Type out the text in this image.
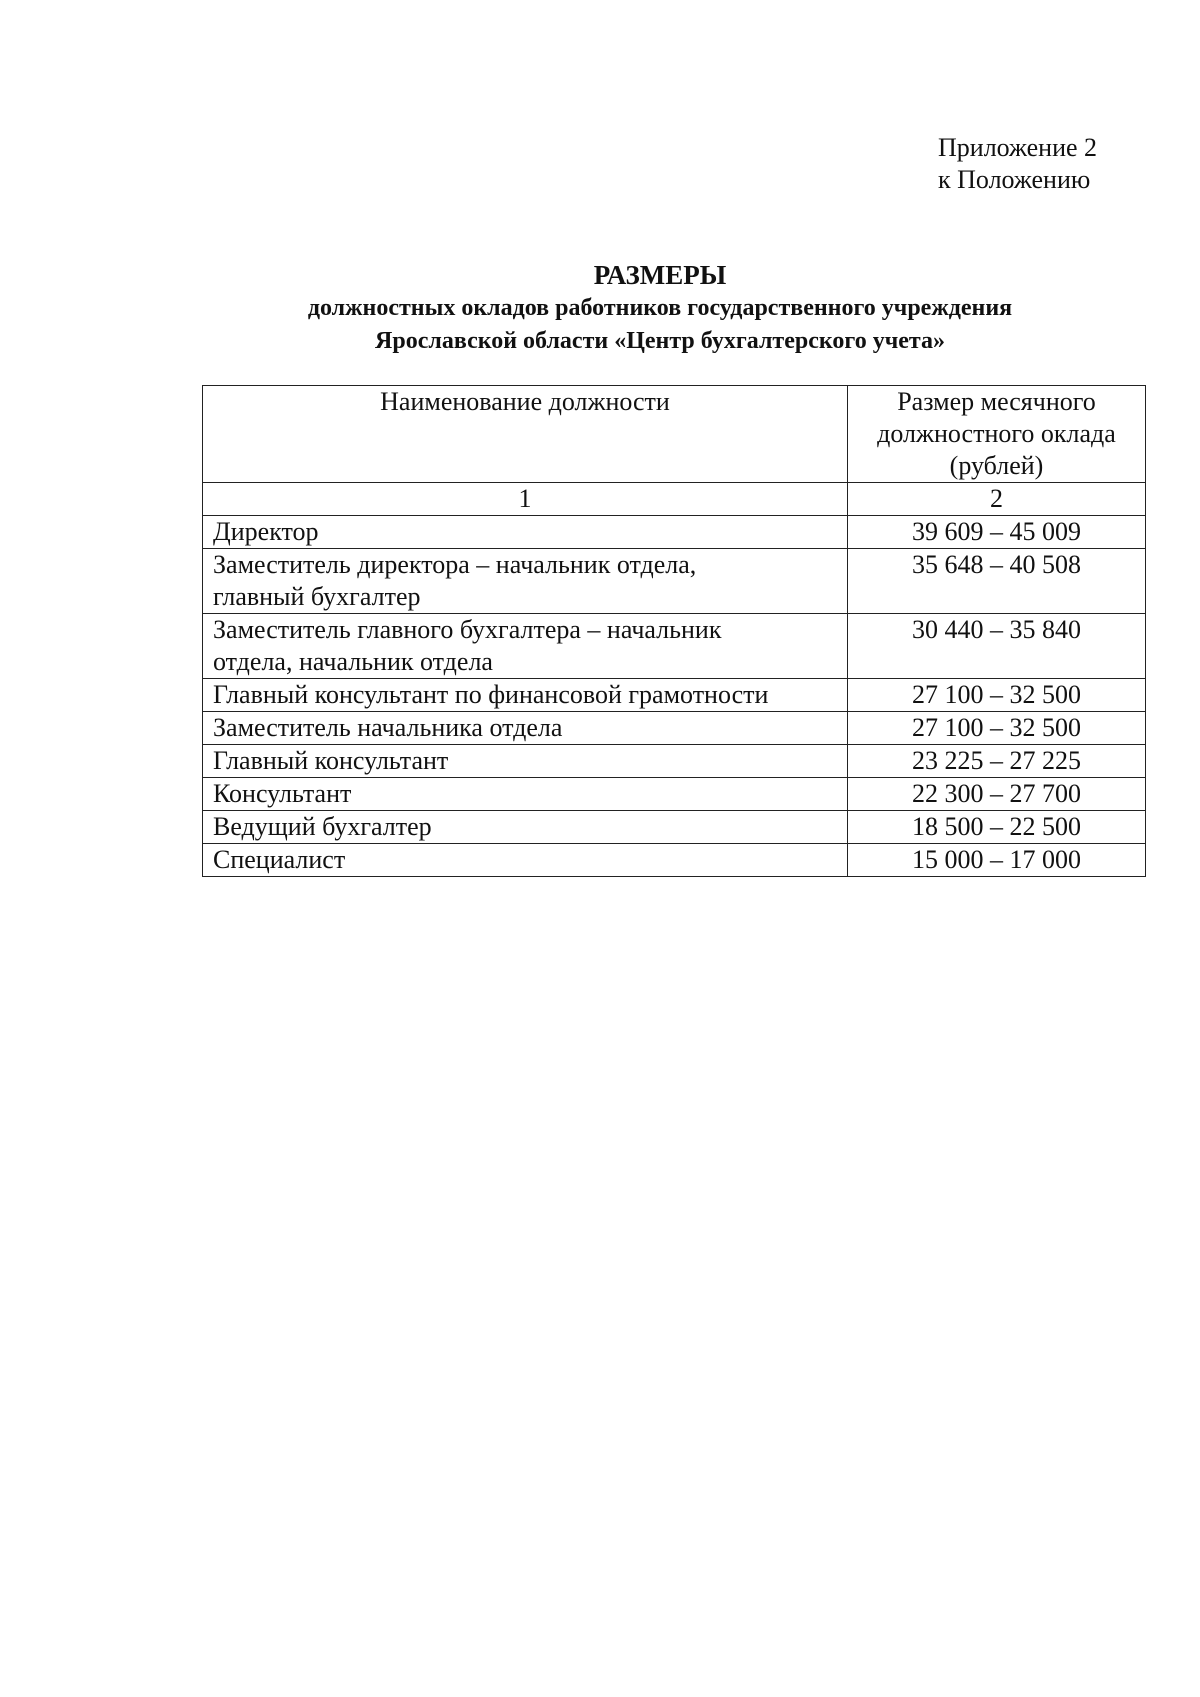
Приложение 2
к Положению
РАЗМЕРЫ
должностных окладов работников государственного учреждения
Ярославской области «Центр бухгалтерского учета»
Наименование должности	Размер месячного
должностного оклада
(рублей)

1	2

Директор	39 609 – 45 009

Заместитель директора – начальник отдела,
главный бухгалтер	35 648 – 40 508

Заместитель главного бухгалтера – начальник
отдела, начальник отдела	30 440 – 35 840

Главный консультант по финансовой грамотности	27 100 – 32 500

Заместитель начальника отдела	27 100 – 32 500

Главный консультант	23 225 – 27 225

Консультант	22 300 – 27 700

Ведущий бухгалтер	18 500 – 22 500

Специалист	15 000 – 17 000
